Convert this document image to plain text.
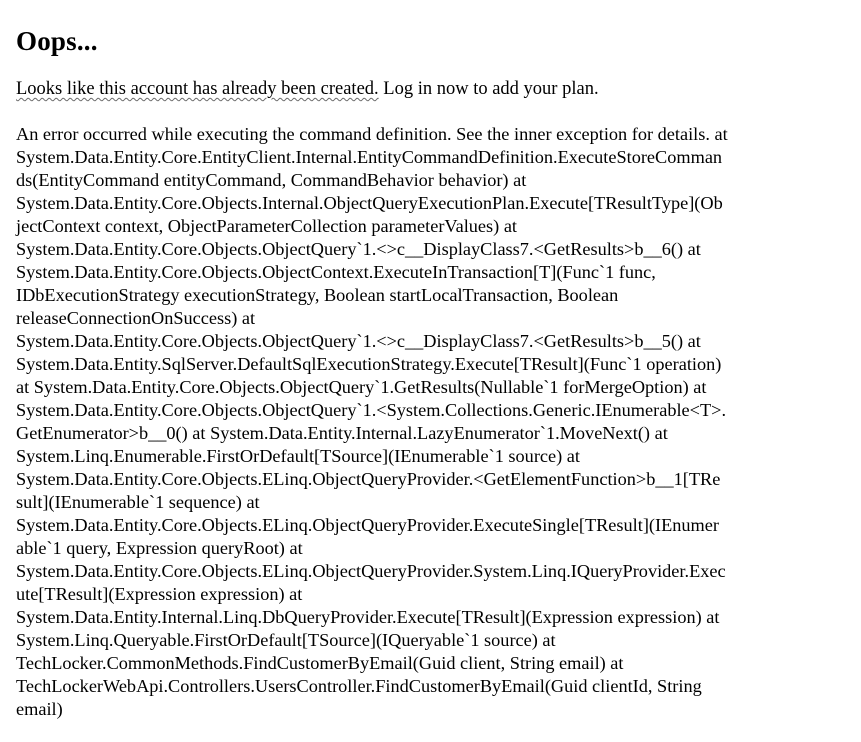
Oops...

Looks like this account has already been created. Log in now to add your plan.

An error occurred while executing the command definition. See the inner exception for details. at
System.Data.Entity.Core.EntityClient.Internal.EntityCommandDefinition.ExecuteStoreComman
ds(EntityCommand entityCommand, CommandBehavior behavior) at
System.Data.Entity.Core.Objects.Internal.ObjectQueryExecutionPlan.Execute[TResultType](Ob
jectContext context, ObjectParameterCollection parameterValues) at
System.Data.Entity.Core.Objects.ObjectQuery`1.<>c__DisplayClass7.<GetResults>b__6() at
System.Data.Entity.Core.Objects.ObjectContext.ExecuteInTransaction[T](Func`1 func,
IDbExecutionStrategy executionStrategy, Boolean startLocalTransaction, Boolean
releaseConnectionOnSuccess) at
System.Data.Entity.Core.Objects.ObjectQuery`1.<>c__DisplayClass7.<GetResults>b__5() at
System.Data.Entity.SqlServer.DefaultSqlExecutionStrategy.Execute[TResult](Func`1 operation)
at System.Data.Entity.Core.Objects.ObjectQuery`1.GetResults(Nullable`1 forMergeOption) at
System.Data.Entity.Core.Objects.ObjectQuery`1.<System.Collections.Generic.IEnumerable<T>.
GetEnumerator>b__0() at System.Data.Entity.Internal.LazyEnumerator`1.MoveNext() at
System.Linq.Enumerable.FirstOrDefault[TSource](IEnumerable`1 source) at
System.Data.Entity.Core.Objects.ELinq.ObjectQueryProvider.<GetElementFunction>b__1[TRe
sult](IEnumerable`1 sequence) at
System.Data.Entity.Core.Objects.ELinq.ObjectQueryProvider.ExecuteSingle[TResult](IEnumer
able`1 query, Expression queryRoot) at
System.Data.Entity.Core.Objects.ELinq.ObjectQueryProvider.System.Linq.IQueryProvider.Exec
ute[TResult](Expression expression) at
System.Data.Entity.Internal.Linq.DbQueryProvider.Execute[TResult](Expression expression) at
System.Linq.Queryable.FirstOrDefault[TSource](IQueryable`1 source) at
TechLocker.CommonMethods.FindCustomerByEmail(Guid client, String email) at
TechLockerWebApi.Controllers.UsersController.FindCustomerByEmail(Guid clientId, String
email)
